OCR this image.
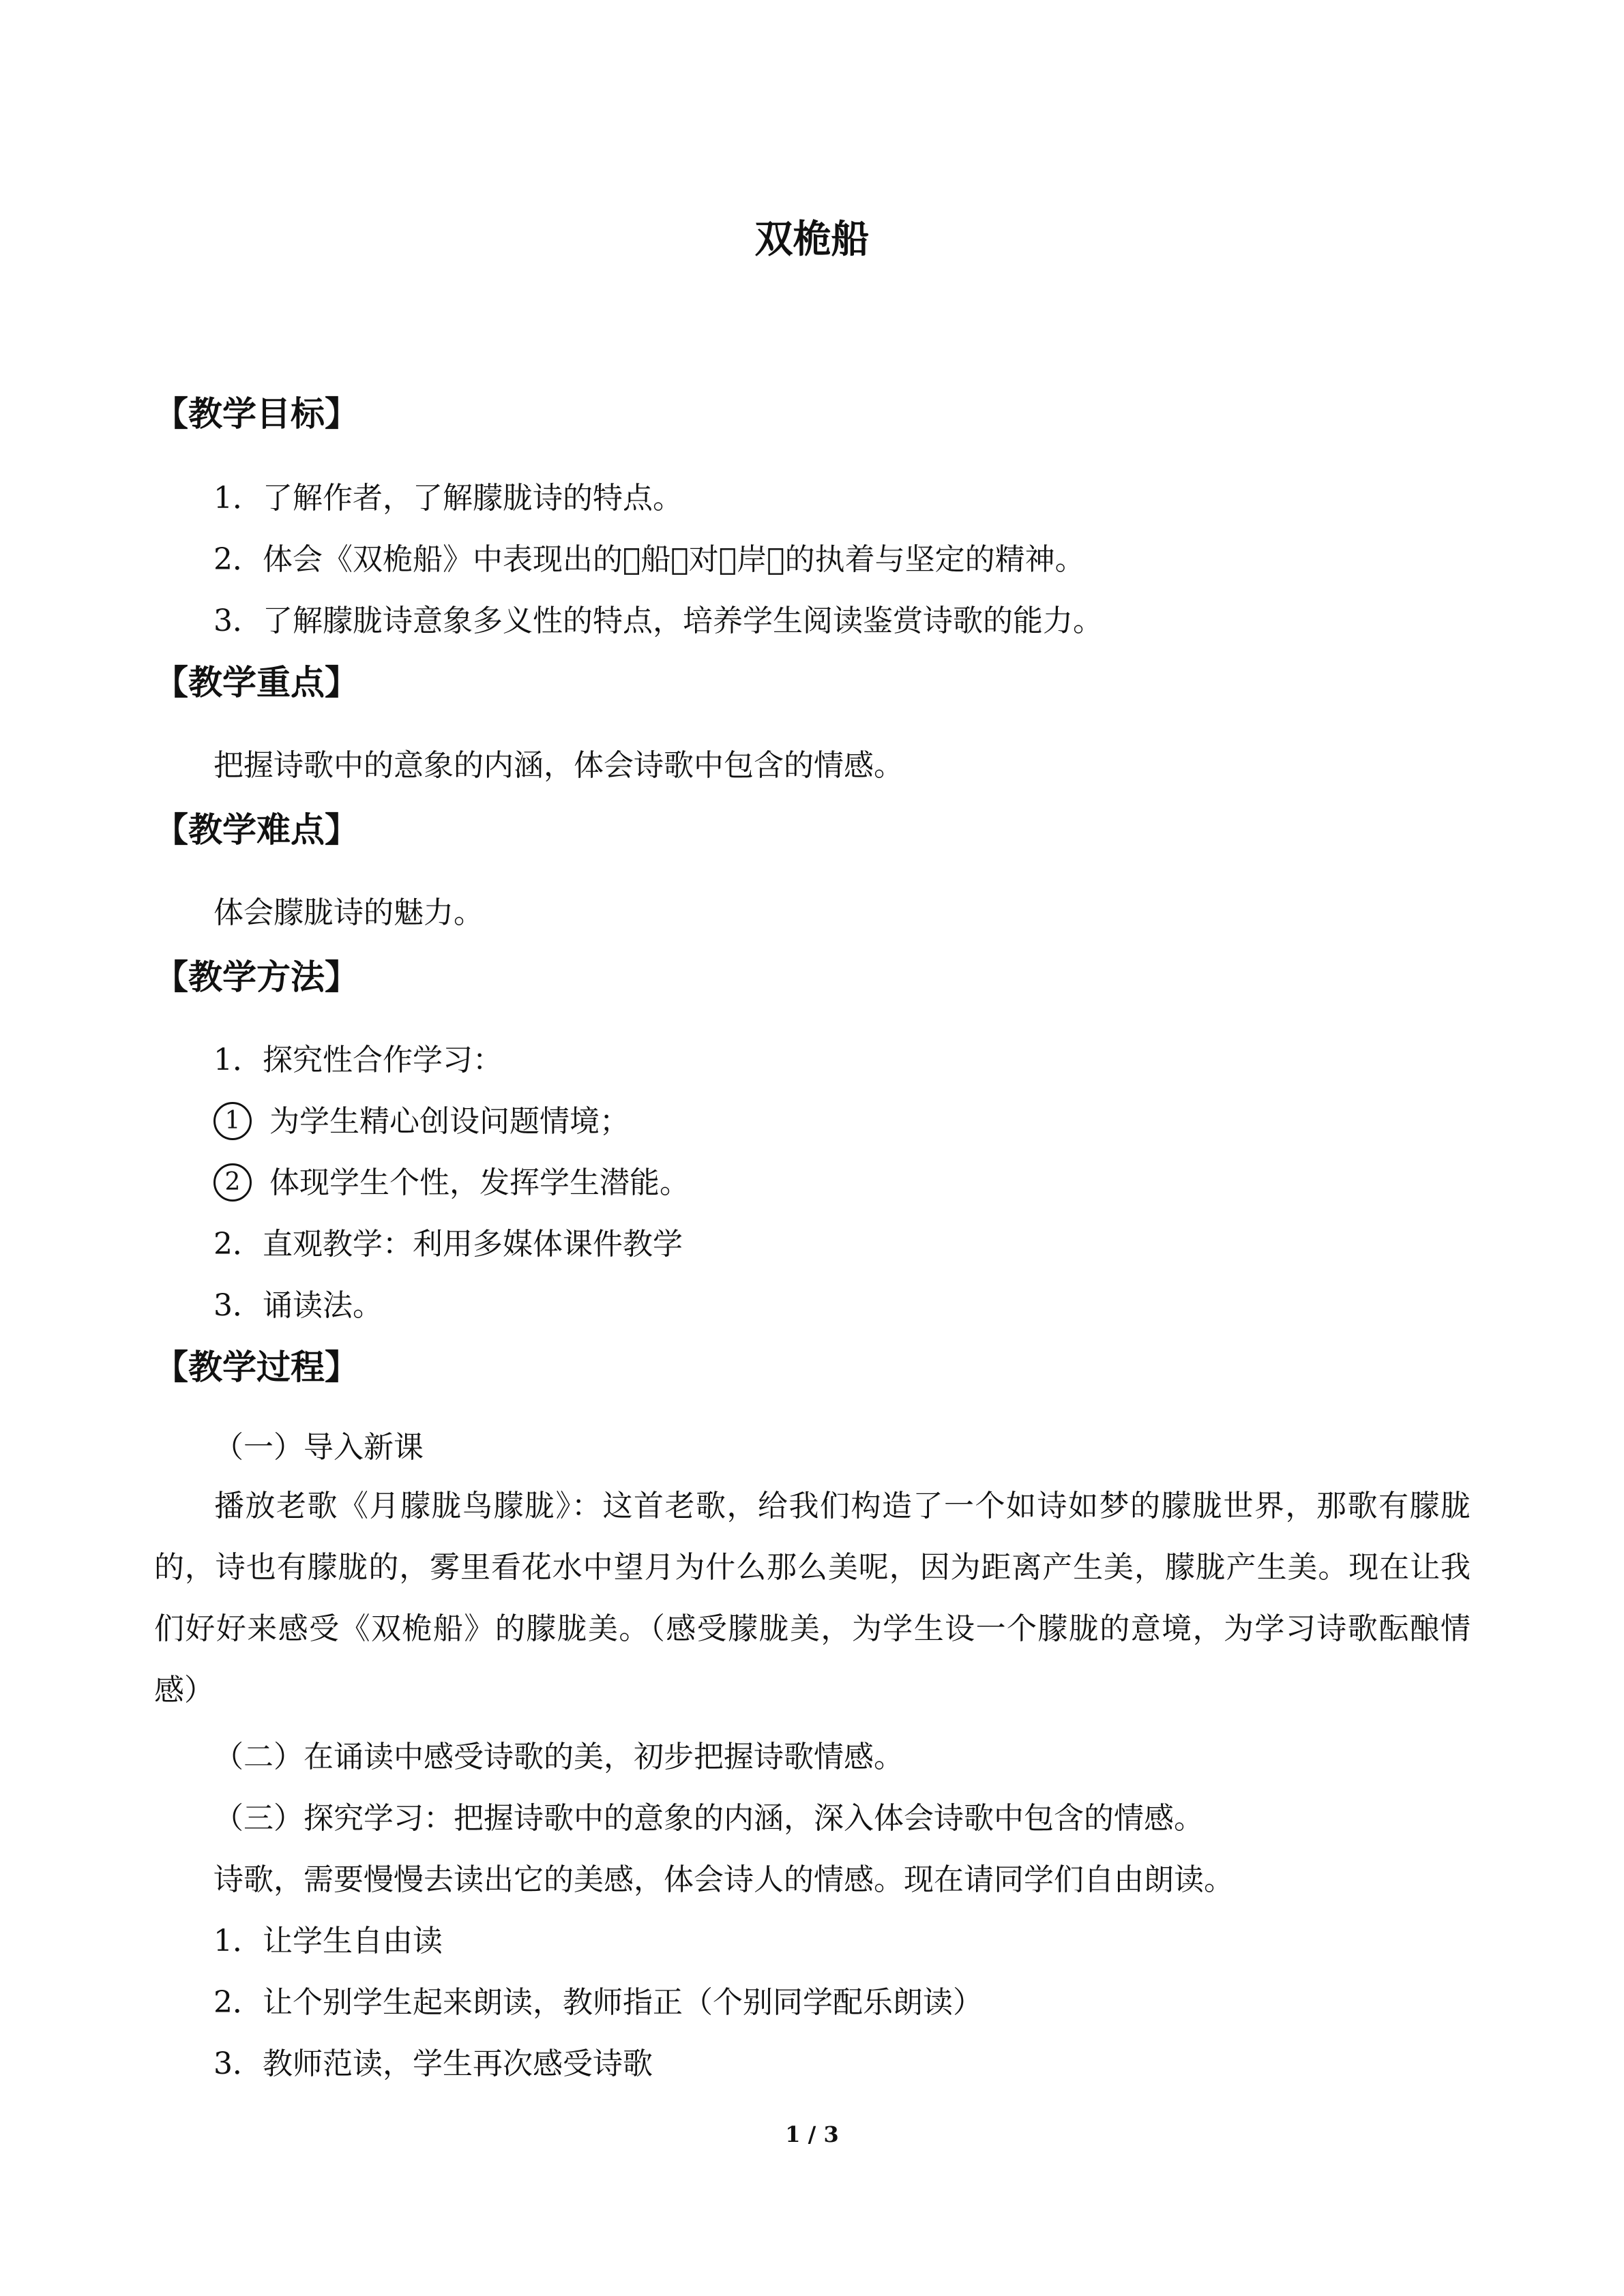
双桅船
【教学目标】
1．了解作者，了解朦胧诗的特点。
2．体会《双桅船》中表现出的 船 对 岸 的执着与坚定的精神。
3．了解朦胧诗意象多义性的特点，培养学生阅读鉴赏诗歌的能力。
【教学重点】
把握诗歌中的意象的内涵，体会诗歌中包含的情感。
【教学难点】
体会朦胧诗的魅力。
【教学方法】
1．探究性合作学习：
1 为学生精心创设问题情境；
2 体现学生个性，发挥学生潜能。
2．直观教学：利用多媒体课件教学
3．诵读法。
【教学过程】
（一）导入新课
播放老歌《月朦胧鸟朦胧》：这首老歌，给我们构造了一个如诗如梦的朦胧世界，那歌有朦胧的，诗也有朦胧的，雾里看花水中望月为什么那么美呢，因为距离产生美，朦胧产生美。现在让我们好好来感受《双桅船》的朦胧美。（感受朦胧美，为学生设一个朦胧的意境，为学习诗歌酝酿情感）
（二）在诵读中感受诗歌的美，初步把握诗歌情感。
（三）探究学习：把握诗歌中的意象的内涵，深入体会诗歌中包含的情感。
诗歌，需要慢慢去读出它的美感，体会诗人的情感。现在请同学们自由朗读。
1．让学生自由读
2．让个别学生起来朗读，教师指正（个别同学配乐朗读）
3．教师范读，学生再次感受诗歌
1 / 3
